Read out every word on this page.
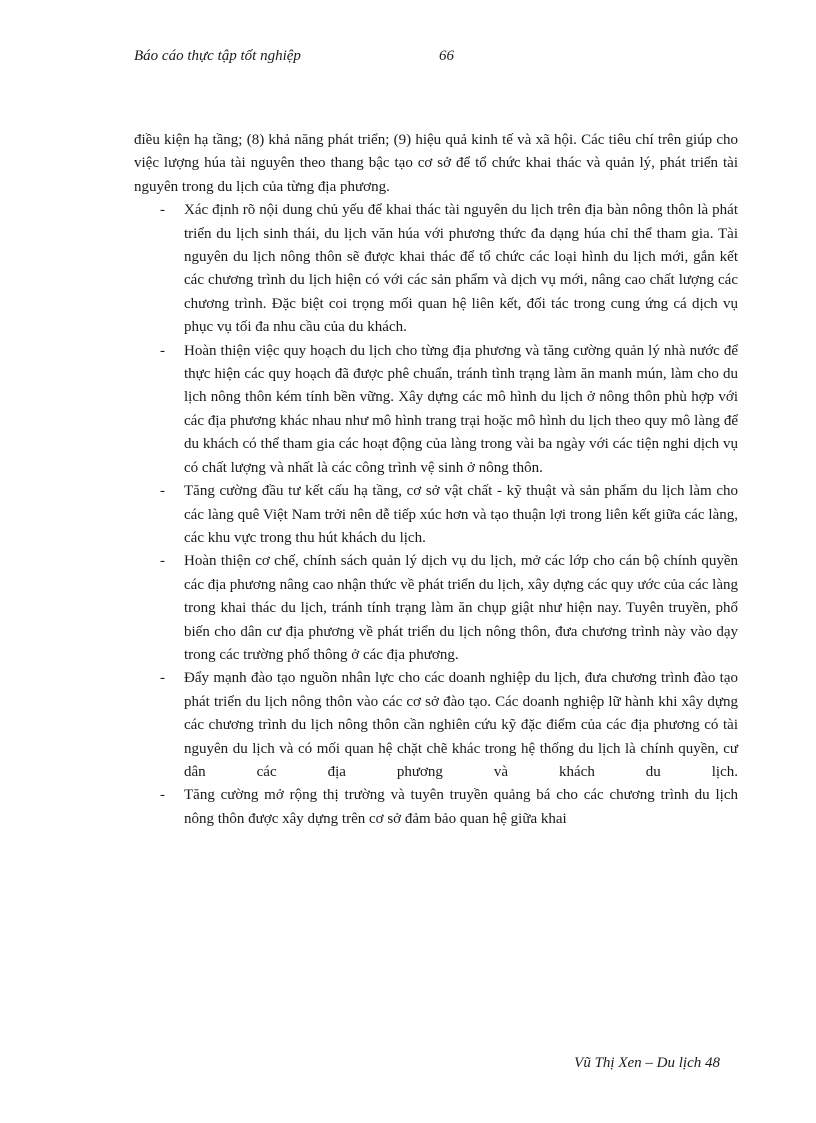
Báo cáo thực tập tốt nghiệp	66

điều kiện hạ tầng; (8) khả năng phát triển; (9) hiệu quả kinh tế và xã hội. Các tiêu chí trên giúp cho việc lượng húa tài nguyên theo thang bậc tạo cơ sở để tổ chức khai thác và quản lý, phát triển tài nguyên trong du lịch của từng địa phương.

- Xác định rõ nội dung chủ yếu để khai thác tài nguyên du lịch trên địa bàn nông thôn là phát triển du lịch sinh thái, du lịch văn húa với phương thức đa dạng húa chỉ thể tham gia. Tài nguyên du lịch nông thôn sẽ được khai thác để tổ chức các loại hình du lịch mới, gắn kết các chương trình du lịch hiện có với các sản phẩm và dịch vụ mới, nâng cao chất lượng các chương trình. Đặc biệt coi trọng mối quan hệ liên kết, đối tác trong cung ứng cá dịch vụ phục vụ tối đa nhu cầu của du khách.
- Hoàn thiện việc quy hoạch du lịch cho từng địa phương và tăng cường quản lý nhà nước để thực hiện các quy hoạch đã được phê chuẩn, tránh tình trạng làm ăn manh mún, làm cho du lịch nông thôn kém tính bền vững. Xây dựng các mô hình du lịch ở nông thôn phù hợp với các địa phương khác nhau như mô hình trang trại hoặc mô hình du lịch theo quy mô làng để du khách có thể tham gia các hoạt động của làng trong vài ba ngày với các tiện nghi dịch vụ có chất lượng và nhất là các công trình vệ sinh ở nông thôn.
- Tăng cường đầu tư kết cấu hạ tầng, cơ sở vật chất - kỹ thuật và sản phẩm du lịch làm cho các làng quê Việt Nam trởi nên dễ tiếp xúc hơn và tạo thuận lợi trong liên kết giữa các làng, các khu vực trong thu hút khách du lịch.
- Hoàn thiện cơ chế, chính sách quản lý dịch vụ du lịch, mở các lớp cho cán bộ chính quyền các địa phương nâng cao nhận thức về phát triển du lịch, xây dựng các quy ước của các làng trong khai thác du lịch, tránh tính trạng làm ăn chụp giật như hiện nay. Tuyên truyền, phổ biến cho dân cư địa phương về phát triển du lịch nông thôn, đưa chương trình này vào dạy trong các trường phổ thông ở các địa phương.
- Đẩy mạnh đào tạo nguồn nhân lực cho các doanh nghiệp du lịch, đưa chương trình đào tạo phát triển du lịch nông thôn vào các cơ sở đào tạo. Các doanh nghiệp lữ hành khi xây dựng các chương trình du lịch nông thôn cần nghiên cứu kỹ đặc điểm của các địa phương có tài nguyên du lịch và có mối quan hệ chặt chẽ khác trong hệ thống du lịch là chính quyền, cư dân các địa phương và khách du lịch.
- Tăng cường mở rộng thị trường và tuyên truyền quảng bá cho các chương trình du lịch nông thôn được xây dựng trên cơ sở đảm bảo quan hệ giữa khai
Vũ Thị Xen – Du lịch 48
